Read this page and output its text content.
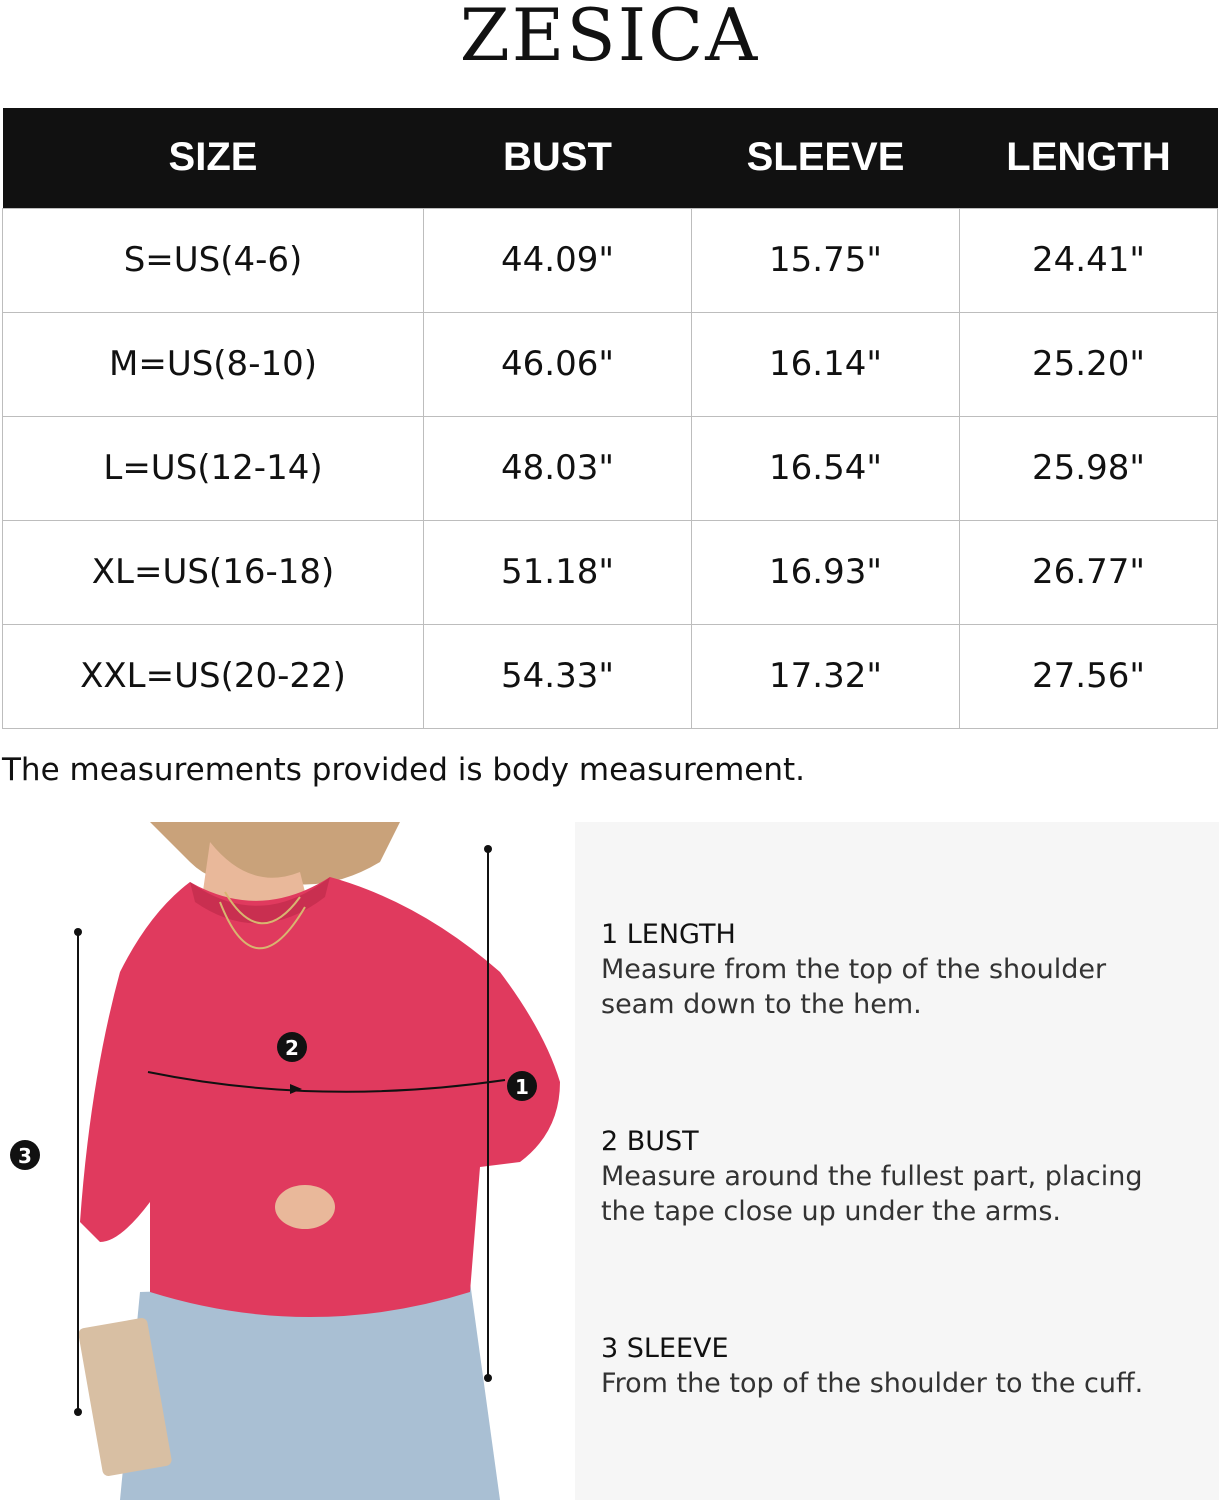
ZESICA
SIZE	BUST	SLEEVE	LENGTH
S=US(4-6)	44.09"	15.75"	24.41"
M=US(8-10)	46.06"	16.14"	25.20"
L=US(12-14)	48.03"	16.54"	25.98"
XL=US(16-18)	51.18"	16.93"	26.77"
XXL=US(20-22)	54.33"	17.32"	27.56"
The measurements provided is body measurement.
1
2
3
1 LENGTH
Measure from the top of the shoulder seam down to the hem.
2 BUST
Measure around the fullest part, placing the tape close up under the arms.
3 SLEEVE
From the top of the shoulder to the cuff.
